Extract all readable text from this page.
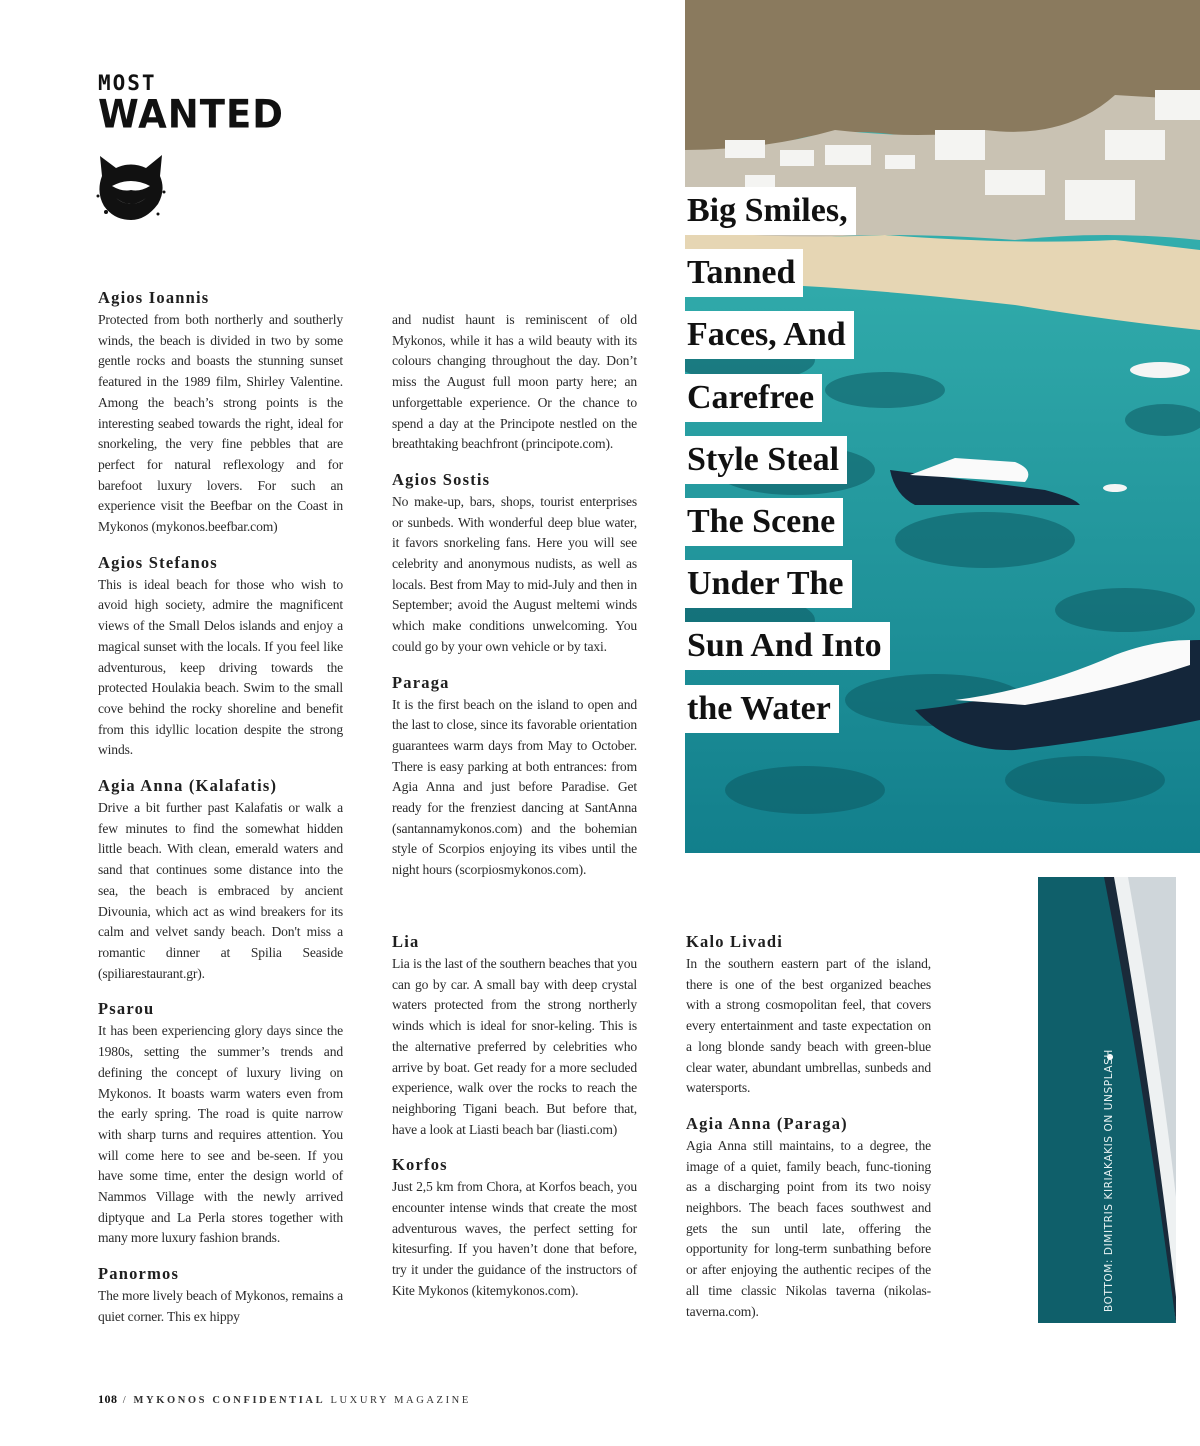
MOST
WANTED
Agios Ioannis

Protected from both northerly and southerly winds, the beach is divided in two by some gentle rocks and boasts the stunning sunset featured in the 1989 film, Shirley Valentine. Among the beach’s strong points is the interesting seabed towards the right, ideal for snorkeling, the very fine pebbles that are perfect for natural reflexology and for barefoot luxury lovers. For such an experience visit the Beefbar on the Coast in Mykonos (mykonos.beefbar.com)

Agios Stefanos

This is ideal beach for those who wish to avoid high society, admire the magnificent views of the Small Delos islands and enjoy a magical sunset with the locals. If you feel like adventurous, keep driving towards the protected Houlakia beach. Swim to the small cove behind the rocky shoreline and benefit from this idyllic location despite the strong winds.

Agia Anna (Kalafatis)

Drive a bit further past Kalafatis or walk a few minutes to find the somewhat hidden little beach. With clean, emerald waters and sand that continues some distance into the sea, the beach is embraced by ancient Divounia, which act as wind breakers for its calm and velvet sandy beach. Don't miss a romantic dinner at Spilia Seaside (spiliarestaurant.gr).

Psarou

It has been experiencing glory days since the 1980s, setting the summer’s trends and defining the concept of luxury living on Mykonos. It boasts warm waters even from the early spring. The road is quite narrow with sharp turns and requires attention. You will come here to see and be-seen. If you have some time, enter the design world of Nammos Village with the newly arrived diptyque and La Perla stores together with many more luxury fashion brands.

Panormos

The more lively beach of Mykonos, remains a quiet corner. This ex hippy

and nudist haunt is reminiscent of old Mykonos, while it has a wild beauty with its colours changing throughout the day. Don’t miss the August full moon party here; an unforgettable experience. Or the chance to spend a day at the Principote nestled on the breathtaking beachfront (principote.com).

Agios Sostis

No make-up, bars, shops, tourist enterprises or sunbeds. With wonderful deep blue water, it favors snorkeling fans. Here you will see celebrity and anonymous nudists, as well as locals. Best from May to mid-July and then in September; avoid the August meltemi winds which make conditions unwelcoming. You could go by your own vehicle or by taxi.

Paraga

It is the first beach on the island to open and the last to close, since its favorable orientation guarantees warm days from May to October. There is easy parking at both entrances: from Agia Anna and just before Paradise. Get ready for the frenziest dancing at SantAnna (santannamykonos.com) and the bohemian style of Scorpios enjoying its vibes until the night hours (scorpiosmykonos.com).

Lia

Lia is the last of the southern beaches that you can go by car. A small bay with deep crystal waters protected from the strong northerly winds which is ideal for snor-keling. This is the alternative preferred by celebrities who arrive by boat. Get ready for a more secluded experience, walk over the rocks to reach the neighboring Tigani beach. But before that, have a look at Liasti beach bar (liasti.com)

Korfos

Just 2,5 km from Chora, at Korfos beach, you encounter intense winds that create the most adventurous waves, the perfect setting for kitesurfing. If you haven’t done that before, try it under the guidance of the instructors of Kite Mykonos (kitemykonos.com).

Kalo Livadi

In the southern eastern part of the island, there is one of the best organized beaches with a strong cosmopolitan feel, that covers every entertainment and taste expectation on a long blonde sandy beach with green-blue clear water, abundant umbrellas, sunbeds and watersports.

Agia Anna (Paraga)

Agia Anna still maintains, to a degree, the image of a quiet, family beach, func-tioning as a discharging point from its two noisy neighbors. The beach faces southwest and gets the sun until late, offering the opportunity for long-term sunbathing before or after enjoying the authentic recipes of the all time classic Nikolas taverna (nikolas-taverna.com).

Big Smiles,
Tanned
Faces, And
Carefree
Style Steal
The Scene
Under The
Sun And Into
the Water
BOTTOM: DIMITRIS KIRIAKAKIS ON UNSPLASH
108 / MYKONOS CONFIDENTIAL LUXURY MAGAZINE
